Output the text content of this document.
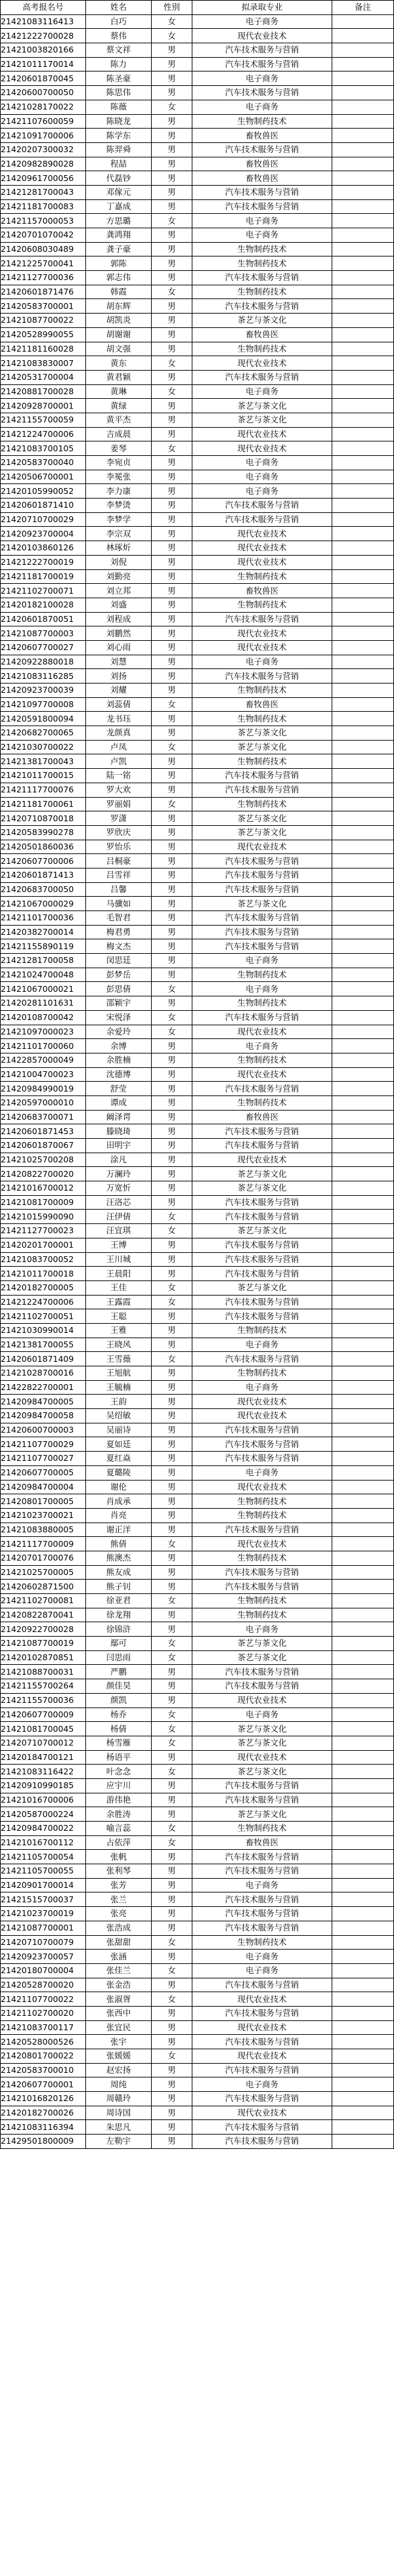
高考报名号	姓名	性别	拟录取专业	备注
21421083116413	白巧	女	电子商务	
21421222700028	蔡伟	女	现代农业技术	
21421003820166	蔡文祥	男	汽车技术服务与营销	
21421011170014	陈力	男	汽车技术服务与营销	
21420601870045	陈圣豪	男	电子商务	
21420600700050	陈思伟	男	汽车技术服务与营销	
21421028170022	陈薇	女	电子商务	
21421107600059	陈晓龙	男	生物制药技术	
21421091700006	陈学东	男	畜牧兽医	
21420207300032	陈羿舜	男	汽车技术服务与营销	
21420982890028	程喆	男	畜牧兽医	
21420961700056	代磊钞	男	畜牧兽医	
21421281700043	邓傢元	男	汽车技术服务与营销	
21421181700083	丁嘉成	男	汽车技术服务与营销	
21421157000053	方思璐	女	电子商务	
21420701070042	龚鸿翔	男	电子商务	
21420608030489	龚子豪	男	生物制药技术	
21421225700041	郭陈	男	生物制药技术	
21421127700036	郭志伟	男	汽车技术服务与营销	
21420601871476	韩霞	女	生物制药技术	
21420583700001	胡东辉	男	汽车技术服务与营销	
21421087700022	胡凯炎	男	茶艺与茶文化	
21420528990055	胡谢谢	男	畜牧兽医	
21421181160028	胡文强	男	生物制药技术	
21421083830007	黄东	女	现代农业技术	
21420531700004	黄君颖	男	汽车技术服务与营销	
21420881700028	黄琳	女	电子商务	
21420928700001	黄绿	男	茶艺与茶文化	
21421155700059	黄平杰	男	茶艺与茶文化	
21421224700006	吉成晨	男	现代农业技术	
21421083700105	姜琴	女	现代农业技术	
21420583700040	李宛贞	男	电子商务	
21420506700001	李冕张	男	电子商务	
21420105990052	李力康	男	电子商务	
21420601871410	李梦烫	男	汽车技术服务与营销	
21420710700029	李梦学	男	汽车技术服务与营销	
21420923700004	李宗双	男	现代农业技术	
21420103860126	林琢炘	男	现代农业技术	
21421222700019	刘倪	男	现代农业技术	
21421181700019	刘勤亮	男	生物制药技术	
21421102700071	刘立邦	男	畜牧兽医	
21420182100028	刘盛	男	生物制药技术	
21420601870051	刘程成	男	汽车技术服务与营销	
21421087700003	刘鹏然	男	现代农业技术	
21420607700027	刘心雨	男	现代农业技术	
21420922880018	刘慧	男	电子商务	
21421083116285	刘扬	男	汽车技术服务与营销	
21420923700039	刘耀	男	生物制药技术	
21421097700008	刘蕊倩	女	畜牧兽医	
21420591800094	龙书珏	男	生物制药技术	
21420682700065	龙颜真	男	茶艺与茶文化	
21421030700022	卢凤	女	茶艺与茶文化	
21421381700043	卢凯	男	生物制药技术	
21421011700015	陆一铭	男	汽车技术服务与营销	
21421117700076	罗大欢	男	汽车技术服务与营销	
21421181700061	罗丽娟	女	生物制药技术	
21420710870018	罗潇	男	茶艺与茶文化	
21420583990278	罗欣庆	男	茶艺与茶文化	
21420501860036	罗怡乐	男	现代农业技术	
21420607700006	吕桐豪	男	汽车技术服务与营销	
21420601871413	吕雪祥	男	汽车技术服务与营销	
21420683700050	吕馨	男	汽车技术服务与营销	
21421067000029	马骥如	男	茶艺与茶文化	
21421101700036	毛智君	男	汽车技术服务与营销	
21420382700014	梅君勇	男	汽车技术服务与营销	
21421155890119	梅文杰	男	汽车技术服务与营销	
21421281700058	闵思廷	男	电子商务	
21421024700048	彭梦岳	男	生物制药技术	
21421067000021	彭思倩	女	电子商务	
21420281101631	邵颖宇	男	生物制药技术	
21420108700042	宋悦泽	女	汽车技术服务与营销	
21421097000023	余爱玲	女	现代农业技术	
21421101700060	余博	男	电子商务	
21422857000049	余胜楠	男	生物制药技术	
21421004700023	沈德博	男	现代农业技术	
21420984990019	舒莹	男	汽车技术服务与营销	
21420597000010	谭成	男	生物制药技术	
21420683700071	阚泽谔	男	畜牧兽医	
21420601871453	滕晓琦	男	汽车技术服务与营销	
21420601870067	田明宇	男	汽车技术服务与营销	
21421025700208	涂凡	男	现代农业技术	
21420822700020	万澜玲	男	茶艺与茶文化	
21421016700012	万宽忻	男	茶艺与茶文化	
21421081700009	汪洛芯	男	汽车技术服务与营销	
21421015990090	汪伊倩	女	汽车技术服务与营销	
21421127700023	汪宜琪	女	茶艺与茶文化	
21420201700001	王博	男	汽车技术服务与营销	
21421083700052	王川城	男	汽车技术服务与营销	
21421011700018	王晨阳	男	汽车技术服务与营销	
21420182700005	王佳	女	茶艺与茶文化	
21421224700006	王露霞	女	汽车技术服务与营销	
21421102700051	王聪	男	汽车技术服务与营销	
21421030990014	王雅	男	生物制药技术	
21421381700055	王晓风	男	电子商务	
21420601871409	王雪薇	女	汽车技术服务与营销	
21421028700016	王旭航	男	生物制药技术	
21422822700001	王毓楠	男	电子商务	
21420984700005	王韵	男	现代农业技术	
21420984700058	吴绍敏	男	现代农业技术	
21420600700003	吴丽诗	男	汽车技术服务与营销	
21421107700029	夏如廷	男	汽车技术服务与营销	
21421107700027	夏红焱	男	汽车技术服务与营销	
21420607700005	夏璐陵	男	电子商务	
21420984700004	谢伦	男	现代农业技术	
21420801700005	肖成承	男	生物制药技术	
21421023700021	肖亮	男	生物制药技术	
21421083880005	谢正洋	男	汽车技术服务与营销	
21421117700009	熊倩	女	现代农业技术	
21420701700076	熊澳杰	男	生物制药技术	
21421025700005	熊友成	男	汽车技术服务与营销	
21420602871500	熊子钊	男	汽车技术服务与营销	
21421102700081	徐亚君	女	生物制药技术	
21420822870041	徐龙翔	男	生物制药技术	
21420922700028	徐锦浒	男	电子商务	
21421087700019	鄢可	女	茶艺与茶文化	
21420102870851	闫思雨	女	茶艺与茶文化	
21421088700031	严鹏	男	汽车技术服务与营销	
21421155700264	颜佳昊	男	汽车技术服务与营销	
21421155700036	颜凯	男	现代农业技术	
21420607700009	杨乔	女	电子商务	
21421081700045	杨倩	女	茶艺与茶文化	
21420710700012	杨雪雁	女	茶艺与茶文化	
21420184700121	杨语平	男	现代农业技术	
21421083116422	叶念念	女	茶艺与茶文化	
21420910990185	应宇川	男	汽车技术服务与营销	
21421016700006	游伟艳	男	汽车技术服务与营销	
21420587000224	余胜涛	男	茶艺与茶文化	
21420984700022	喻言蕊	女	生物制药技术	
21421016700112	占依萍	女	畜牧兽医	
21421105700054	张帆	男	汽车技术服务与营销	
21421105700055	张利琴	男	汽车技术服务与营销	
21420901700014	张芳	男	电子商务	
21421515700037	张兰	男	汽车技术服务与营销	
21421023700019	张亮	男	汽车技术服务与营销	
21421087700001	张浩成	男	汽车技术服务与营销	
21420710700079	张甜甜	女	生物制药技术	
21420923700057	张涵	男	电子商务	
21420180700004	张佳兰	女	电子商务	
21420528700020	张金浩	男	汽车技术服务与营销	
21421107700022	张淑胥	女	现代农业技术	
21421102700020	张西中	男	汽车技术服务与营销	
21421083700117	张宜民	男	现代农业技术	
21420528000526	张宇	男	汽车技术服务与营销	
21420801700022	张媛媛	女	现代农业技术	
21420583700010	赵宏扬	男	汽车技术服务与营销	
21420607700001	周纯	男	电子商务	
21421016820126	周赣玲	男	汽车技术服务与营销	
21420182700026	周诗国	男	现代农业技术	
21421083116394	朱思凡	男	汽车技术服务与营销	
21429501800009	左勒宇	男	汽车技术服务与营销	
